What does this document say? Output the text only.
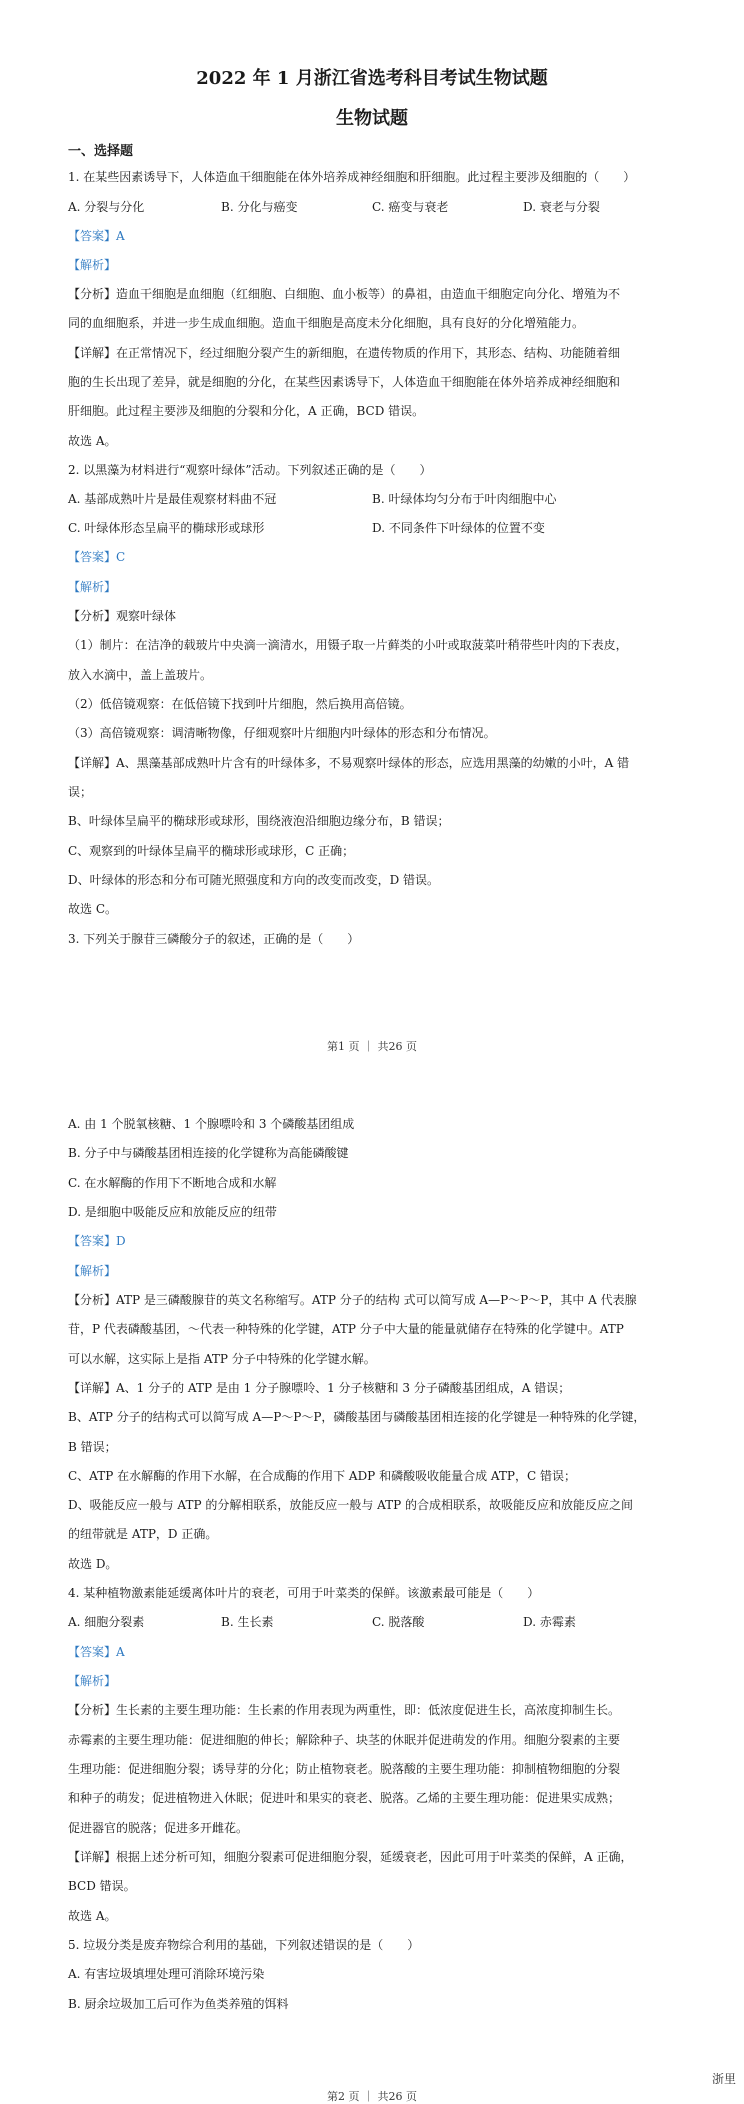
2022 年 1 月浙江省选考科目考试生物试题
生物试题
一、选择题
1. 在某些因素诱导下，人体造血干细胞能在体外培养成神经细胞和肝细胞。此过程主要涉及细胞的（　　）
A. 分裂与分化	B. 分化与癌变	C. 癌变与衰老	D. 衰老与分裂
【答案】A
【解析】
【分析】造血干细胞是血细胞（红细胞、白细胞、血小板等）的鼻祖，由造血干细胞定向分化、增殖为不
同的血细胞系，并进一步生成血细胞。造血干细胞是高度未分化细胞，具有良好的分化增殖能力。
【详解】在正常情况下，经过细胞分裂产生的新细胞，在遗传物质的作用下，其形态、结构、功能随着细
胞的生长出现了差异，就是细胞的分化，在某些因素诱导下，人体造血干细胞能在体外培养成神经细胞和
肝细胞。此过程主要涉及细胞的分裂和分化，A 正确，BCD 错误。
故选 A。
2. 以黑藻为材料进行“观察叶绿体”活动。下列叙述正确的是（　　）
A. 基部成熟叶片是最佳观察材料曲不冠	B. 叶绿体均匀分布于叶肉细胞中心
C. 叶绿体形态呈扁平的椭球形或球形	D. 不同条件下叶绿体的位置不变
【答案】C
【解析】
【分析】观察叶绿体
（1）制片：在洁净的载玻片中央滴一滴清水，用镊子取一片藓类的小叶或取菠菜叶稍带些叶肉的下表皮，
放入水滴中，盖上盖玻片。
（2）低倍镜观察：在低倍镜下找到叶片细胞，然后换用高倍镜。
（3）高倍镜观察：调清晰物像，仔细观察叶片细胞内叶绿体的形态和分布情况。
【详解】A、黑藻基部成熟叶片含有的叶绿体多，不易观察叶绿体的形态，应选用黑藻的幼嫩的小叶，A 错
误；
B、叶绿体呈扁平的椭球形或球形，围绕液泡沿细胞边缘分布，B 错误；
C、观察到的叶绿体呈扁平的椭球形或球形，C 正确；
D、叶绿体的形态和分布可随光照强度和方向的改变而改变，D 错误。
故选 C。
3. 下列关于腺苷三磷酸分子的叙述，正确的是（　　）
第1 页 ｜ 共26 页
A. 由 1 个脱氧核糖、1 个腺嘌呤和 3 个磷酸基团组成
B. 分子中与磷酸基团相连接的化学键称为高能磷酸键
C. 在水解酶的作用下不断地合成和水解
D. 是细胞中吸能反应和放能反应的纽带
【答案】D
【解析】
【分析】ATP 是三磷酸腺苷的英文名称缩写。ATP 分子的结构 式可以简写成 A—P～P～P，其中 A 代表腺
苷，P 代表磷酸基团，～代表一种特殊的化学键，ATP 分子中大量的能量就储存在特殊的化学键中。ATP
可以水解，这实际上是指 ATP 分子中特殊的化学键水解。
【详解】A、1 分子的 ATP 是由 1 分子腺嘌呤、1 分子核糖和 3 分子磷酸基团组成，A 错误；
B、ATP 分子的结构式可以简写成 A—P～P～P，磷酸基团与磷酸基团相连接的化学键是一种特殊的化学键，
B 错误；
C、ATP 在水解酶的作用下水解，在合成酶的作用下 ADP 和磷酸吸收能量合成 ATP，C 错误；
D、吸能反应一般与 ATP 的分解相联系，放能反应一般与 ATP 的合成相联系，故吸能反应和放能反应之间
的纽带就是 ATP，D 正确。
故选 D。
4. 某种植物激素能延缓离体叶片的衰老，可用于叶菜类的保鲜。该激素最可能是（　　）
A. 细胞分裂素	B. 生长素	C. 脱落酸	D. 赤霉素
【答案】A
【解析】
【分析】生长素的主要生理功能：生长素的作用表现为两重性，即：低浓度促进生长，高浓度抑制生长。
赤霉素的主要生理功能：促进细胞的伸长；解除种子、块茎的休眠并促进萌发的作用。细胞分裂素的主要
生理功能：促进细胞分裂；诱导芽的分化；防止植物衰老。脱落酸的主要生理功能：抑制植物细胞的分裂
和种子的萌发；促进植物进入休眠；促进叶和果实的衰老、脱落。乙烯的主要生理功能：促进果实成熟；
促进器官的脱落；促进多开雌花。
【详解】根据上述分析可知，细胞分裂素可促进细胞分裂，延缓衰老，因此可用于叶菜类的保鲜，A 正确，
BCD 错误。
故选 A。
5. 垃圾分类是废弃物综合利用的基础，下列叙述错误的是（　　）
A. 有害垃圾填埋处理可消除环境污染
B. 厨余垃圾加工后可作为鱼类养殖的饵料
浙里
第2 页 ｜ 共26 页
